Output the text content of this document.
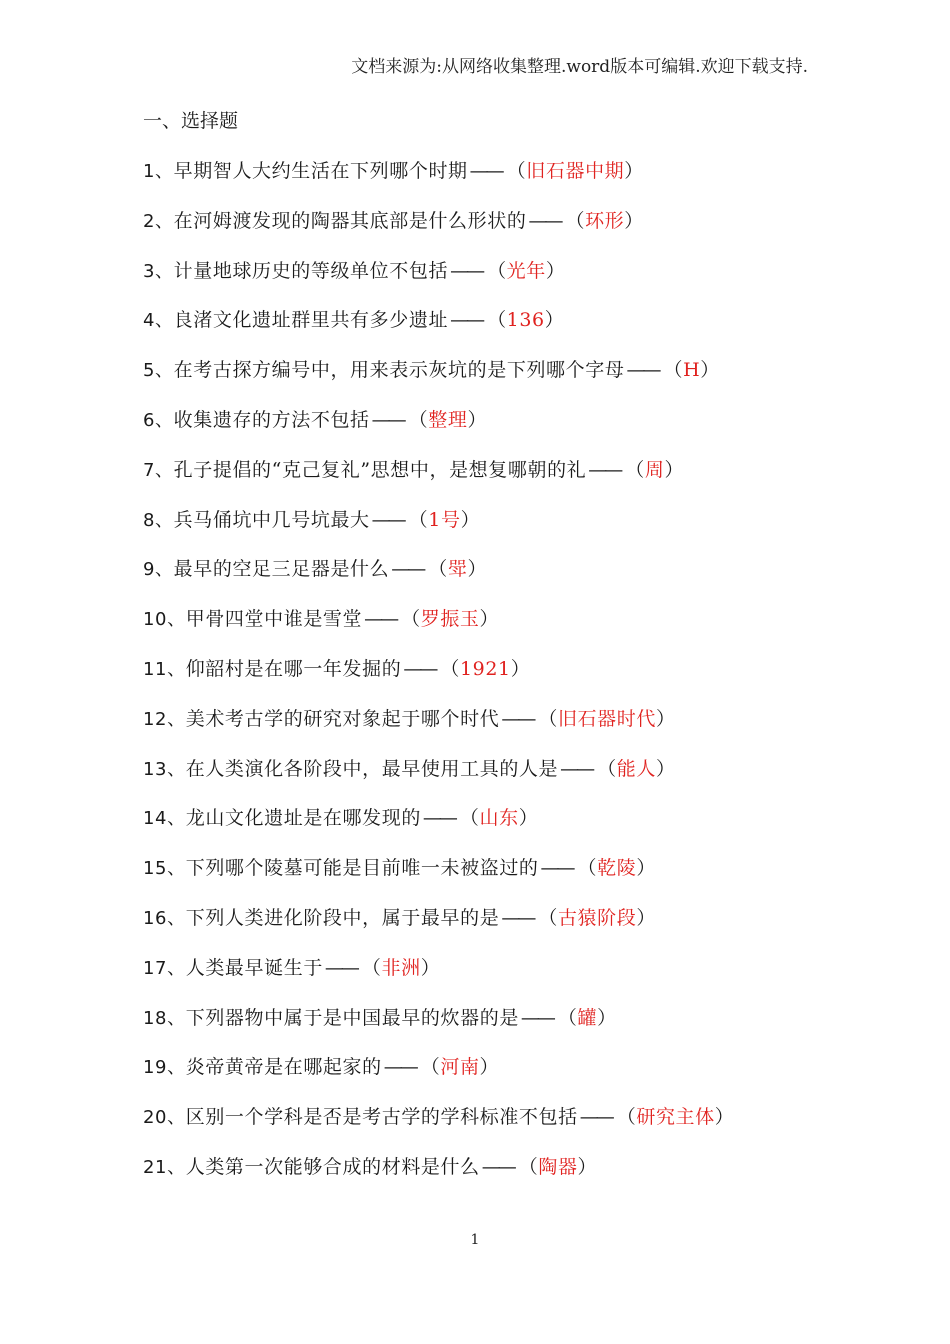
文档来源为:从网络收集整理.word版本可编辑.欢迎下载支持.
一、选择题
1、早期智人大约生活在下列哪个时期 —— （旧石器中期）
2、在河姆渡发现的陶器其底部是什么形状的 —— （环形）
3、计量地球历史的等级单位不包括 —— （光年）
4、良渚文化遗址群里共有多少遗址 —— （136）
5、在考古探方编号中，用来表示灰坑的是下列哪个字母 —— （H）
6、收集遗存的方法不包括 —— （整理）
7、孔子提倡的“克己复礼”思想中，是想复哪朝的礼 —— （周）
8、兵马俑坑中几号坑最大 —— （1号）
9、最早的空足三足器是什么 —— （斝）
10、甲骨四堂中谁是雪堂 —— （罗振玉）
11、仰韶村是在哪一年发掘的 —— （1921）
12、美术考古学的研究对象起于哪个时代 —— （旧石器时代）
13、在人类演化各阶段中，最早使用工具的人是 —— （能人）
14、龙山文化遗址是在哪发现的 —— （山东）
15、下列哪个陵墓可能是目前唯一未被盗过的 —— （乾陵）
16、下列人类进化阶段中，属于最早的是 —— （古猿阶段）
17、人类最早诞生于 —— （非洲）
18、下列器物中属于是中国最早的炊器的是 —— （罐）
19、炎帝黄帝是在哪起家的 —— （河南）
20、区别一个学科是否是考古学的学科标准不包括 —— （研究主体）
21、人类第一次能够合成的材料是什么 —— （陶器）
1
